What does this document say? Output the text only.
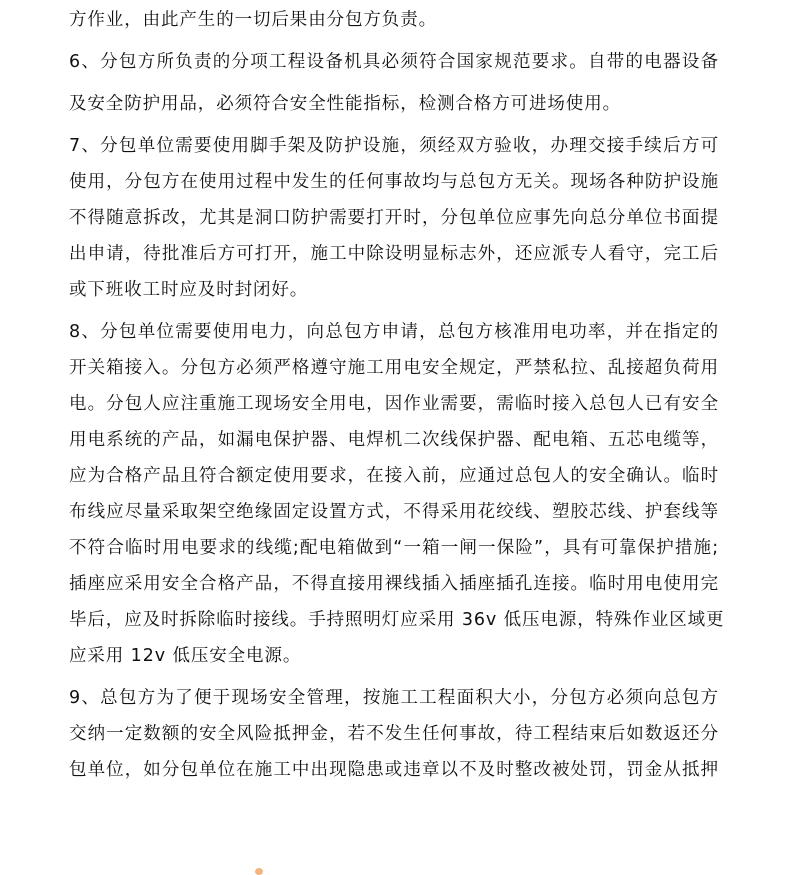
方作业，由此产生的一切后果由分包方负责。
6、分包方所负责的分项工程设备机具必须符合国家规范要求。自带的电器设备
及安全防护用品，必须符合安全性能指标，检测合格方可进场使用。
7、分包单位需要使用脚手架及防护设施，须经双方验收，办理交接手续后方可
使用，分包方在使用过程中发生的任何事故均与总包方无关。现场各种防护设施
不得随意拆改，尤其是洞口防护需要打开时，分包单位应事先向总分单位书面提
出申请，待批准后方可打开，施工中除设明显标志外，还应派专人看守，完工后
或下班收工时应及时封闭好。
8、分包单位需要使用电力，向总包方申请，总包方核准用电功率，并在指定的
开关箱接入。分包方必须严格遵守施工用电安全规定，严禁私拉、乱接超负荷用
电。分包人应注重施工现场安全用电，因作业需要，需临时接入总包人已有安全
用电系统的产品，如漏电保护器、电焊机二次线保护器、配电箱、五芯电缆等，
应为合格产品且符合额定使用要求，在接入前，应通过总包人的安全确认。临时
布线应尽量采取架空绝缘固定设置方式，不得采用花绞线、塑胶芯线、护套线等
不符合临时用电要求的线缆;配电箱做到“一箱一闸一保险”，具有可靠保护措施;
插座应采用安全合格产品，不得直接用裸线插入插座插孔连接。临时用电使用完
毕后，应及时拆除临时接线。手持照明灯应采用 36v 低压电源，特殊作业区域更
应采用 12v 低压安全电源。
9、总包方为了便于现场安全管理，按施工工程面积大小，分包方必须向总包方
交纳一定数额的安全风险抵押金，若不发生任何事故，待工程结束后如数返还分
包单位，如分包单位在施工中出现隐患或违章以不及时整改被处罚，罚金从抵押
